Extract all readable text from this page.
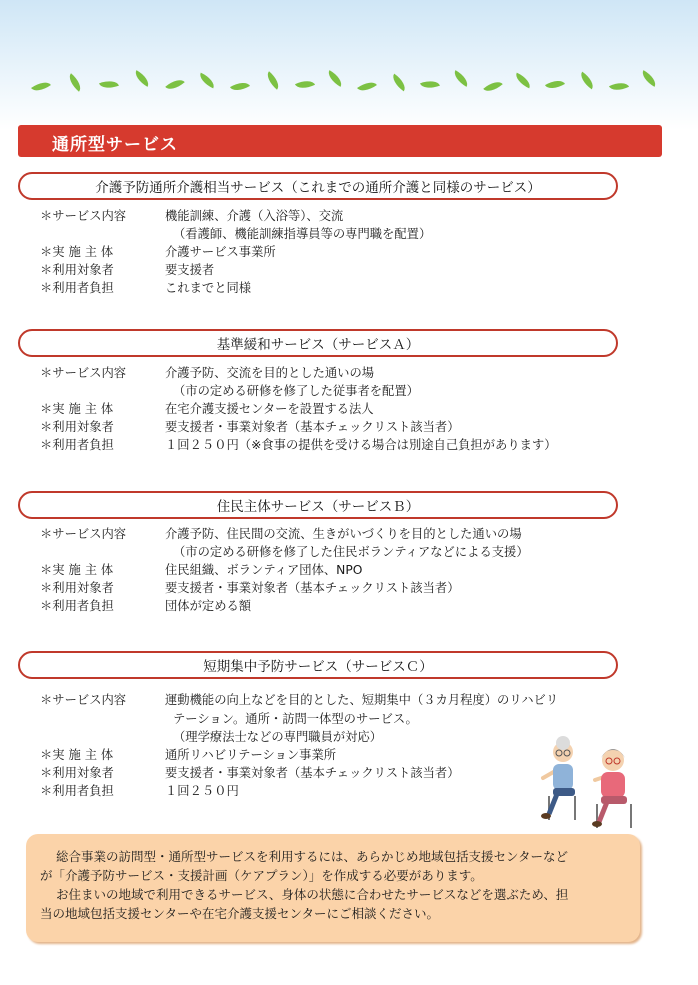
通所型サービス
介護予防通所介護相当サービス（これまでの通所介護と同様のサービス）
＊サービス内容	機能訓練、介護（入浴等）、交流
（看護師、機能訓練指導員等の専門職を配置）
＊実 施 主 体	介護サービス事業所
＊利用対象者	要支援者
＊利用者負担	これまでと同様
基準緩和サービス（サービスＡ）
＊サービス内容	介護予防、交流を目的とした通いの場
（市の定める研修を修了した従事者を配置）
＊実 施 主 体	在宅介護支援センターを設置する法人
＊利用対象者	要支援者・事業対象者（基本チェックリスト該当者）
＊利用者負担	１回２５０円（※食事の提供を受ける場合は別途自己負担があります）
住民主体サービス（サービスＢ）
＊サービス内容	介護予防、住民間の交流、生きがいづくりを目的とした通いの場
（市の定める研修を修了した住民ボランティアなどによる支援）
＊実 施 主 体	住民組織、ボランティア団体、NPO
＊利用対象者	要支援者・事業対象者（基本チェックリスト該当者）
＊利用者負担	団体が定める額
短期集中予防サービス（サービスＣ）
＊サービス内容	運動機能の向上などを目的とした、短期集中（３カ月程度）のリハビリ
テーション。通所・訪問一体型のサービス。
（理学療法士などの専門職員が対応）
＊実 施 主 体	通所リハビリテーション事業所
＊利用対象者	要支援者・事業対象者（基本チェックリスト該当者）
＊利用者負担	１回２５０円
総合事業の訪問型・通所型サービスを利用するには、あらかじめ地域包括支援センターなど
が「介護予防サービス・支援計画（ケアプラン）」を作成する必要があります。
お住まいの地域で利用できるサービス、身体の状態に合わせたサービスなどを選ぶため、担
当の地域包括支援センターや在宅介護支援センターにご相談ください。
